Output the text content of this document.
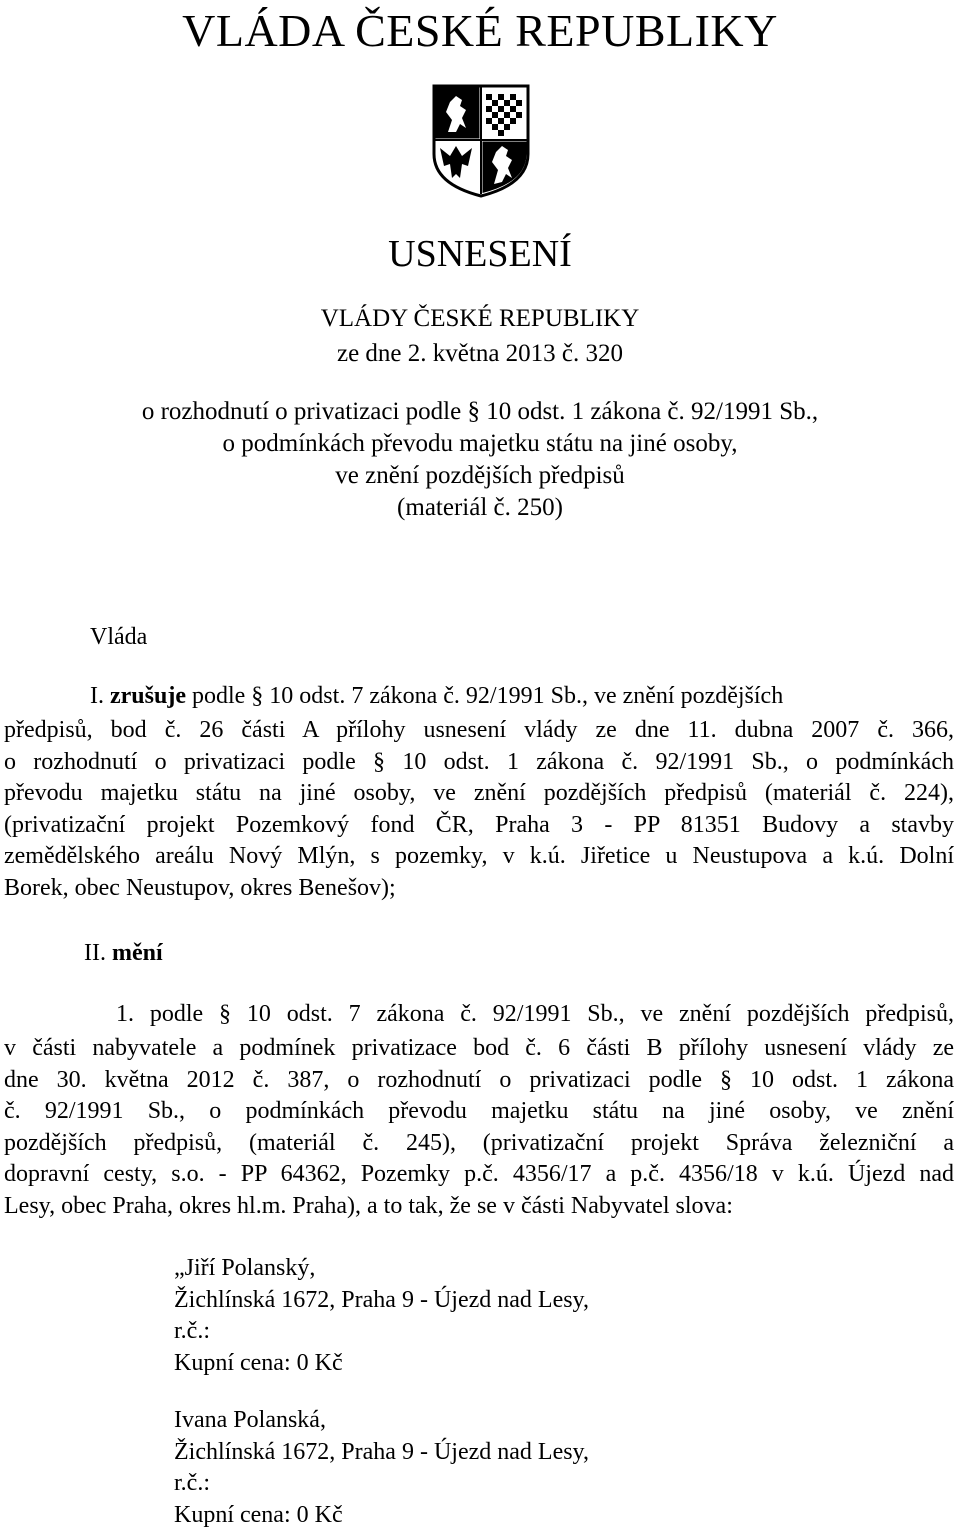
VLÁDA ČESKÉ REPUBLIKY
USNESENÍ
VLÁDY ČESKÉ REPUBLIKY
ze dne 2. května 2013 č. 320
o rozhodnutí o privatizaci podle § 10 odst. 1 zákona č. 92/1991 Sb.,
o podmínkách převodu majetku státu na jiné osoby,
ve znění pozdějších předpisů
(materiál č. 250)
Vláda
I. zrušuje podle § 10 odst. 7 zákona č. 92/1991 Sb., ve znění pozdějších
předpisů, bod č. 26 části A přílohy usnesení vlády ze dne 11. dubna 2007 č. 366,
o rozhodnutí o privatizaci podle § 10 odst. 1 zákona č. 92/1991 Sb., o podmínkách
převodu majetku státu na jiné osoby, ve znění pozdějších předpisů (materiál č. 224),
(privatizační projekt Pozemkový fond ČR, Praha 3 - PP 81351 Budovy a stavby
zemědělského areálu Nový Mlýn, s pozemky, v k.ú. Jiřetice u Neustupova a k.ú. Dolní
Borek, obec Neustupov, okres Benešov);
II. mění
1. podle § 10 odst. 7 zákona č. 92/1991 Sb., ve znění pozdějších předpisů,
v části nabyvatele a podmínek privatizace bod č. 6 části B přílohy usnesení vlády ze
dne 30. května 2012 č. 387, o rozhodnutí o privatizaci podle § 10 odst. 1 zákona
č. 92/1991 Sb., o podmínkách převodu majetku státu na jiné osoby, ve znění
pozdějších předpisů, (materiál č. 245), (privatizační projekt Správa železniční a
dopravní cesty, s.o. - PP 64362, Pozemky p.č. 4356/17 a p.č. 4356/18 v k.ú. Újezd nad
Lesy, obec Praha, okres hl.m. Praha), a to tak, že se v části Nabyvatel slova:
„Jiří Polanský,
Žichlínská 1672, Praha 9 - Újezd nad Lesy,
r.č.:
Kupní cena: 0 Kč
Ivana Polanská,
Žichlínská 1672, Praha 9 - Újezd nad Lesy,
r.č.:
Kupní cena: 0 Kč
